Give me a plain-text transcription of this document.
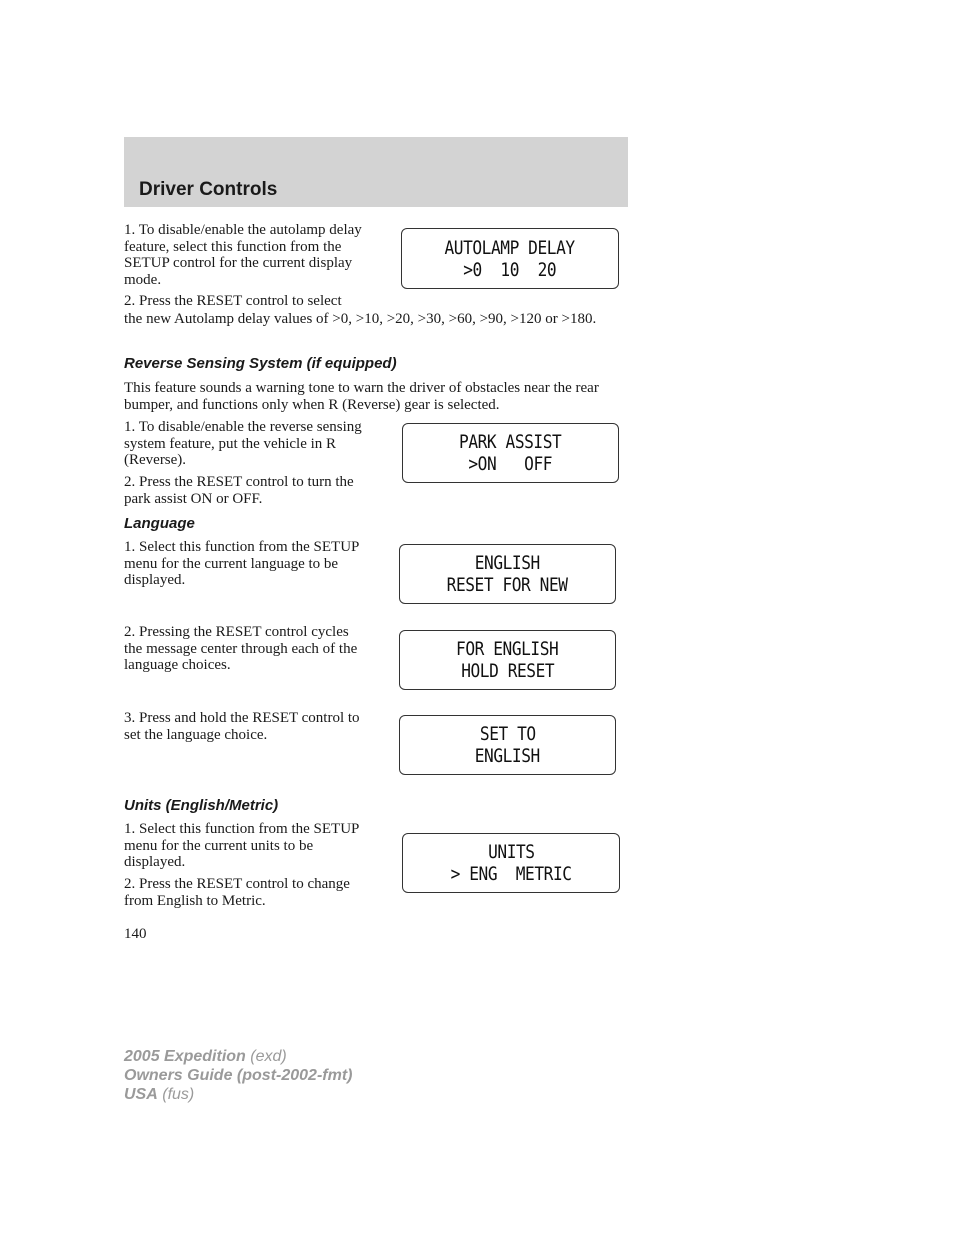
Driver Controls

1. To disable/enable the autolamp delay feature, select this function from the SETUP control for the current display mode.

AUTOLAMP DELAY
>0  10  20

2. Press the RESET control to select

the new Autolamp delay values of >0, >10, >20, >30, >60, >90, >120 or >180.

Reverse Sensing System (if equipped)

This feature sounds a warning tone to warn the driver of obstacles near the rear bumper, and functions only when R (Reverse) gear is selected.

1. To disable/enable the reverse sensing system feature, put the vehicle in R (Reverse).

2. Press the RESET control to turn the park assist ON or OFF.

PARK ASSIST
>ON   OFF
Language

1. Select this function from the SETUP menu for the current language to be displayed.

ENGLISH
RESET FOR NEW

2. Pressing the RESET control cycles the message center through each of the language choices.

FOR ENGLISH
HOLD RESET

3. Press and hold the RESET control to set the language choice.	SET TO
ENGLISH
Units (English/Metric)

1. Select this function from the SETUP menu for the current units to be displayed.

2. Press the RESET control to change from English to Metric.

UNITS
> ENG  METRIC
140
2005 Expedition (exd)
Owners Guide (post-2002-fmt)
USA (fus)
